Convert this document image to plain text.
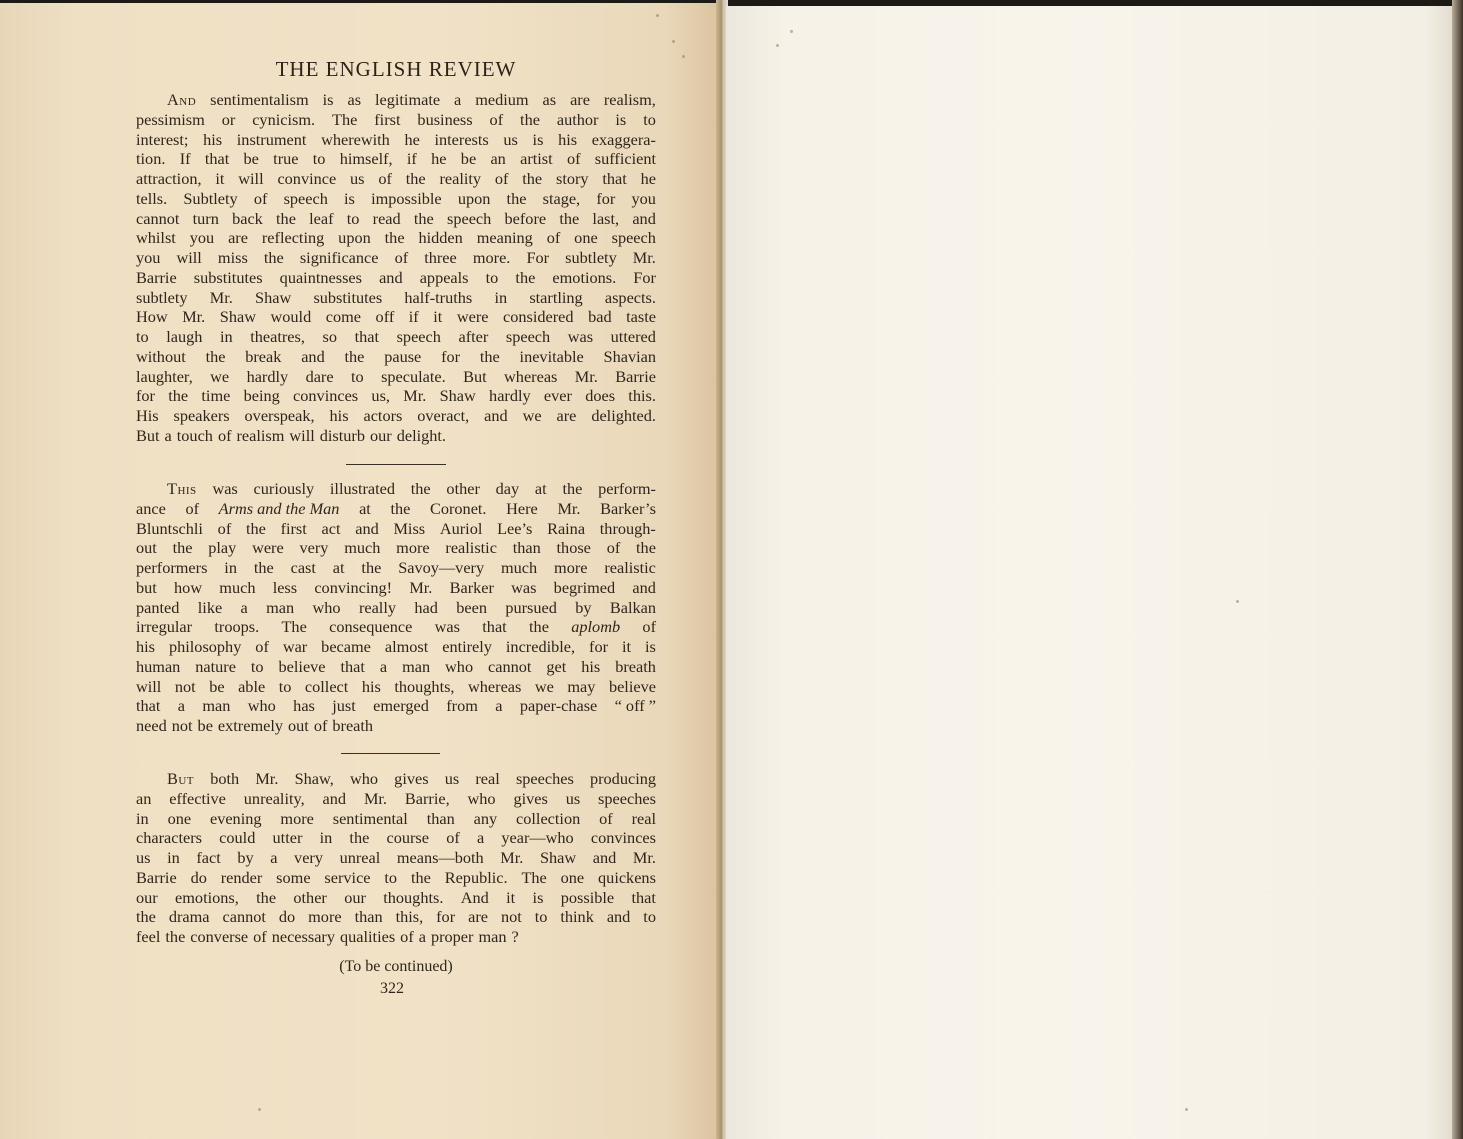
THE ENGLISH REVIEW
And sentimentalism is as legitimate a medium as are realism,
pessimism or cynicism. The first business of the author is to
interest; his instrument wherewith he interests us is his exaggera-
tion. If that be true to himself, if he be an artist of sufficient
attraction, it will convince us of the reality of the story that he
tells. Subtlety of speech is impossible upon the stage, for you
cannot turn back the leaf to read the speech before the last, and
whilst you are reflecting upon the hidden meaning of one speech
you will miss the significance of three more. For subtlety Mr.
Barrie substitutes quaintnesses and appeals to the emotions. For
subtlety Mr. Shaw substitutes half-truths in startling aspects.
How Mr. Shaw would come off if it were considered bad taste
to laugh in theatres, so that speech after speech was uttered
without the break and the pause for the inevitable Shavian
laughter, we hardly dare to speculate. But whereas Mr. Barrie
for the time being convinces us, Mr. Shaw hardly ever does this.
His speakers overspeak, his actors overact, and we are delighted.
But a touch of realism will disturb our delight.
This was curiously illustrated the other day at the perform-
ance of Arms and the Man at the Coronet. Here Mr. Barker’s
Bluntschli of the first act and Miss Auriol Lee’s Raina through-
out the play were very much more realistic than those of the
performers in the cast at the Savoy—very much more realistic
but how much less convincing! Mr. Barker was begrimed and
panted like a man who really had been pursued by Balkan
irregular troops. The consequence was that the aplomb of
his philosophy of war became almost entirely incredible, for it is
human nature to believe that a man who cannot get his breath
will not be able to collect his thoughts, whereas we may believe
that a man who has just emerged from a paper-chase “ off ”
need not be extremely out of breath
But both Mr. Shaw, who gives us real speeches producing
an effective unreality, and Mr. Barrie, who gives us speeches
in one evening more sentimental than any collection of real
characters could utter in the course of a year—who convinces
us in fact by a very unreal means—both Mr. Shaw and Mr.
Barrie do render some service to the Republic. The one quickens
our emotions, the other our thoughts. And it is possible that
the drama cannot do more than this, for are not to think and to
feel the converse of necessary qualities of a proper man ?
(To be continued)
322
